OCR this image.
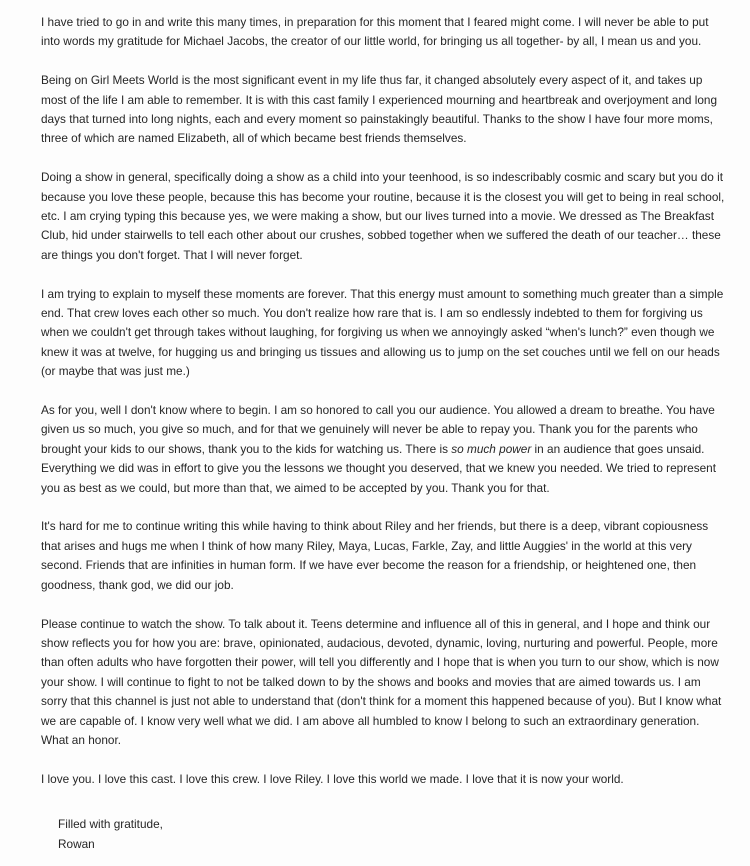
I have tried to go in and write this many times, in preparation for this moment that I feared might come. I will never be able to put into words my gratitude for Michael Jacobs, the creator of our little world, for bringing us all together- by all, I mean us and you.

Being on Girl Meets World is the most significant event in my life thus far, it changed absolutely every aspect of it, and takes up most of the life I am able to remember. It is with this cast family I experienced mourning and heartbreak and overjoyment and long days that turned into long nights, each and every moment so painstakingly beautiful. Thanks to the show I have four more moms, three of which are named Elizabeth, all of which became best friends themselves.

Doing a show in general, specifically doing a show as a child into your teenhood, is so indescribably cosmic and scary but you do it because you love these people, because this has become your routine, because it is the closest you will get to being in real school, etc. I am crying typing this because yes, we were making a show, but our lives turned into a movie. We dressed as The Breakfast Club, hid under stairwells to tell each other about our crushes, sobbed together when we suffered the death of our teacher… these are things you don't forget. That I will never forget.

I am trying to explain to myself these moments are forever. That this energy must amount to something much greater than a simple end. That crew loves each other so much. You don't realize how rare that is. I am so endlessly indebted to them for forgiving us when we couldn't get through takes without laughing, for forgiving us when we annoyingly asked “when's lunch?” even though we knew it was at twelve, for hugging us and bringing us tissues and allowing us to jump on the set couches until we fell on our heads (or maybe that was just me.)

As for you, well I don't know where to begin. I am so honored to call you our audience. You allowed a dream to breathe. You have given us so much, you give so much, and for that we genuinely will never be able to repay you. Thank you for the parents who brought your kids to our shows, thank you to the kids for watching us. There is so much power in an audience that goes unsaid. Everything we did was in effort to give you the lessons we thought you deserved, that we knew you needed. We tried to represent you as best as we could, but more than that, we aimed to be accepted by you. Thank you for that.

It's hard for me to continue writing this while having to think about Riley and her friends, but there is a deep, vibrant copiousness that arises and hugs me when I think of how many Riley, Maya, Lucas, Farkle, Zay, and little Auggies' in the world at this very second. Friends that are infinities in human form. If we have ever become the reason for a friendship, or heightened one, then goodness, thank god, we did our job.

Please continue to watch the show. To talk about it. Teens determine and influence all of this in general, and I hope and think our show reflects you for how you are: brave, opinionated, audacious, devoted, dynamic, loving, nurturing and powerful. People, more than often adults who have forgotten their power, will tell you differently and I hope that is when you turn to our show, which is now your show. I will continue to fight to not be talked down to by the shows and books and movies that are aimed towards us. I am sorry that this channel is just not able to understand that (don't think for a moment this happened because of you). But I know what we are capable of. I know very well what we did. I am above all humbled to know I belong to such an extraordinary generation. What an honor.

I love you. I love this cast. I love this crew. I love Riley. I love this world we made. I love that it is now your world.

Filled with gratitude,
Rowan
